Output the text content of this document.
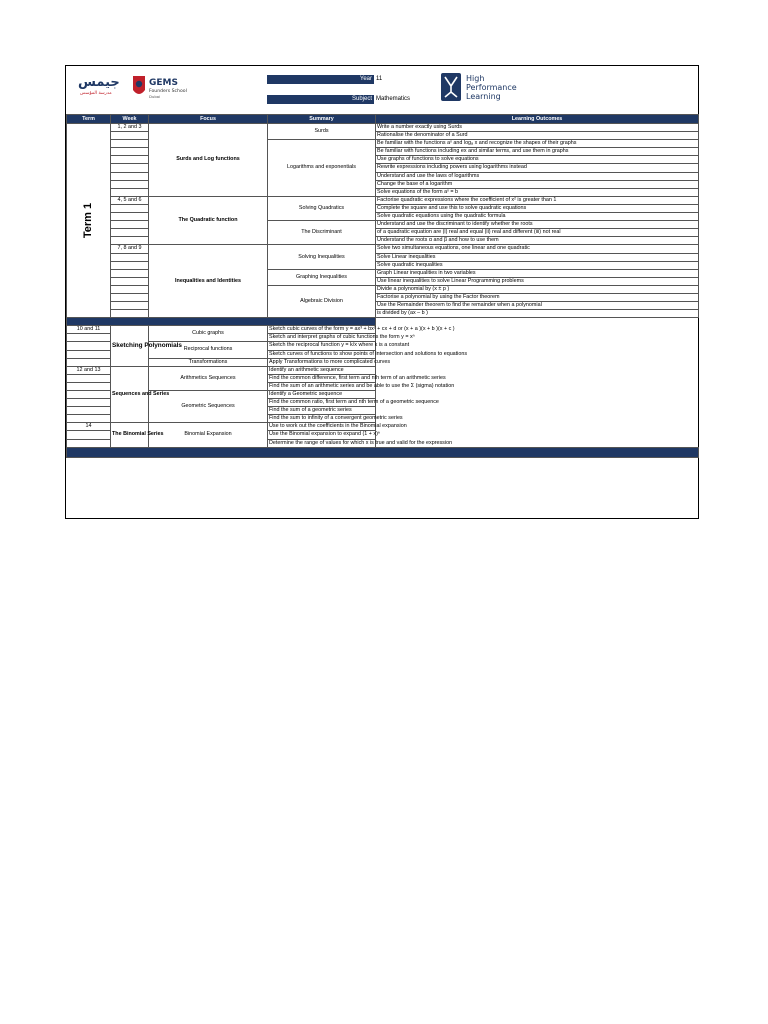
جيمس
مدرسة المؤسس
GEMS
Founders School
Dubai
Year 11
Subject Mathematics
High
Performance
Learning
Term	Week	Focus	Summary	Learning Outcomes
Term 1	1, 2 and 3	Surds and Log functions	Surds	Write a number exactly using Surds
				Rationalise the denominator of a Surd
			Logarithms and exponentials	Be familiar with the functions aˣ and logₐ x and recognize the shapes of their graphs
				Be familiar with functions including ex and similar terms, and use them in graphs
				Use graphs of functions to solve equations
				Rewrite expressions including powers using logarithms instead
				Understand and use the laws of logarithms
				Change the base of a logarithm
				Solve equations of the form aˣ = b
	4, 5 and 6	The Quadratic function	Solving Quadratics	Factorise quadratic expressions where the coefficient of x² is greater than 1
				Complete the square and use this to solve quadratic equations
				Solve quadratic equations using the quadratic formula
			The Discriminant	Understand and use the discriminant to identify whether the roots
				of a quadratic equation are (i) real and equal (ii) real and different (iii) not real
				Understand the roots α and β and how to use them
	7, 8 and 9	Inequalities and Identities	Solving Inequalities	Solve two simultaneous equations, one linear and one quadratic
				Solve Linear inequalities
				Solve quadratic inequalities
			Graphing Inequalities	Graph Linear inequalities in two variables
				Use linear inequalities to solve Linear Programming problems
			Algebraic Division	Divide a polynomial by (x ± p )
				Factorise a polynomial by using the Factor theorem
				Use the Remainder theorem to find the remainder when a polynomial
				is divided by (ax – b )

10 and 11	Sketching Polynomials	Cubic graphs	Sketch cubic curves of the form y = ax³ + bx² + cx + d or (x + a )(x + b )(x + c )	
			Sketch and interpret graphs of cubic functions the form y = xⁿ	
		Reciprocal functions	Sketch the reciprocal function y = k/x where k is a constant	
			Sketch curves of functions to show points of intersection and solutions to equations	
		Transformations	Apply Transformations to more complicated curves	
12 and 13	Sequences and Series	Arithmetics Sequences	Identify an arithmetic sequence	
			Find the common difference, first term and nth term of an arithmetic series	
			Find the sum of an arithmetic series and be able to use the Σ (sigma) notation	
		Geometric Sequences	Identify a Geometric sequence	
			Find the common ratio, first term and nth term of a geometric sequence	
			Find the sum of a geometric series	
			Find the sum to infinity of a convergent geometric series	
14	The Binomial Series	Binomial Expansion	Use to work out the coefficients in the Binomial expansion	
			Use the Binomial expansion to expand (1 + x)ⁿ	
			Determine the range of values for which x is true and valid for the expression	
